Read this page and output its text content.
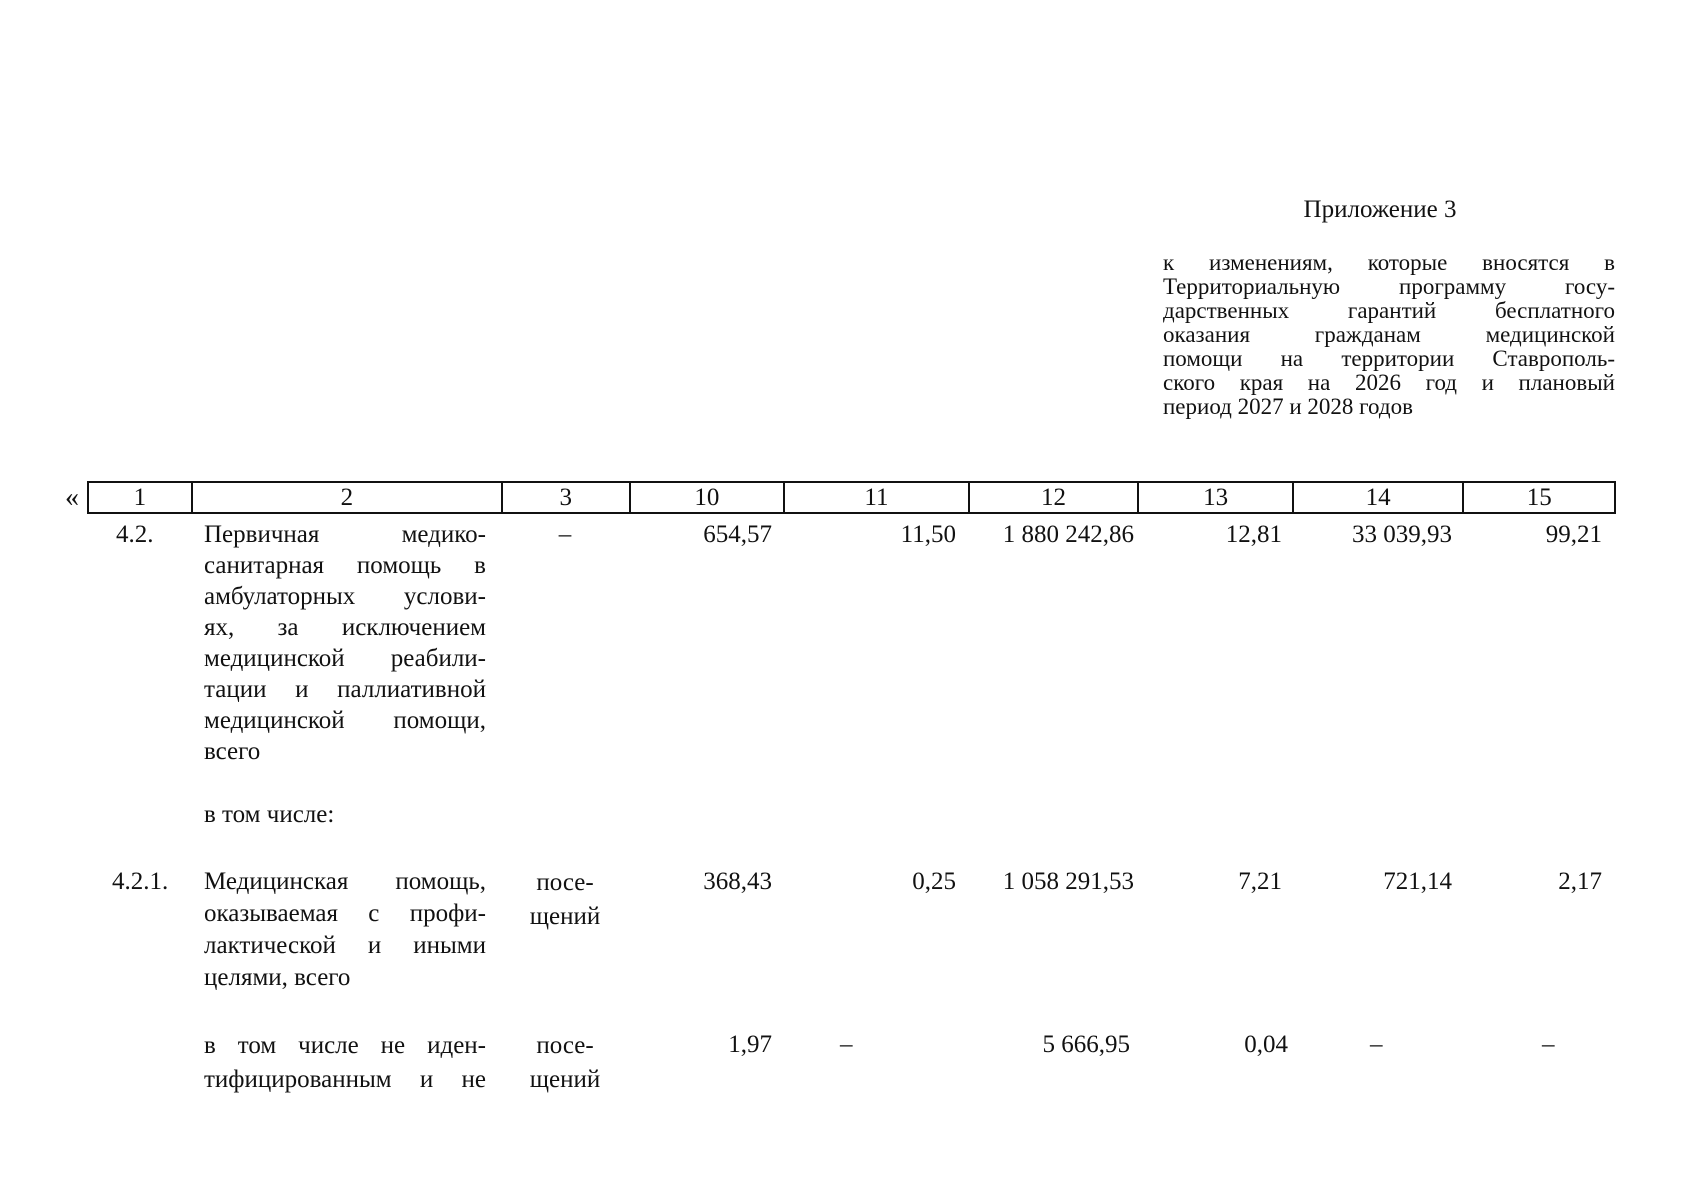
Приложение 3
к изменениям, которые вносятся в
Территориальную программу госу-
дарственных гарантий бесплатного
оказания гражданам медицинской
помощи на территории Ставрополь-
ского края на 2026 год и плановый
период 2027 и 2028 годов
«	1	2	3	10	11	12	13	14	15
4.2. Первичная медико-
санитарная помощь в
амбулаторных услови-
ях, за исключением
медицинской реабили-
тации и паллиативной
медицинской помощи,
всего
–	654,57	11,50	1 880 242,86	12,81	33 039,93	99,21
в том числе:
4.2.1. Медицинская помощь,
оказываемая с профи-
лактической и иными
целями, всего
посе-
щений
368,43	0,25	1 058 291,53	7,21	721,14	2,17
в том числе не иден-
тифицированным и не
посе-
щений
1,97	–	5 666,95	0,04	–	–
